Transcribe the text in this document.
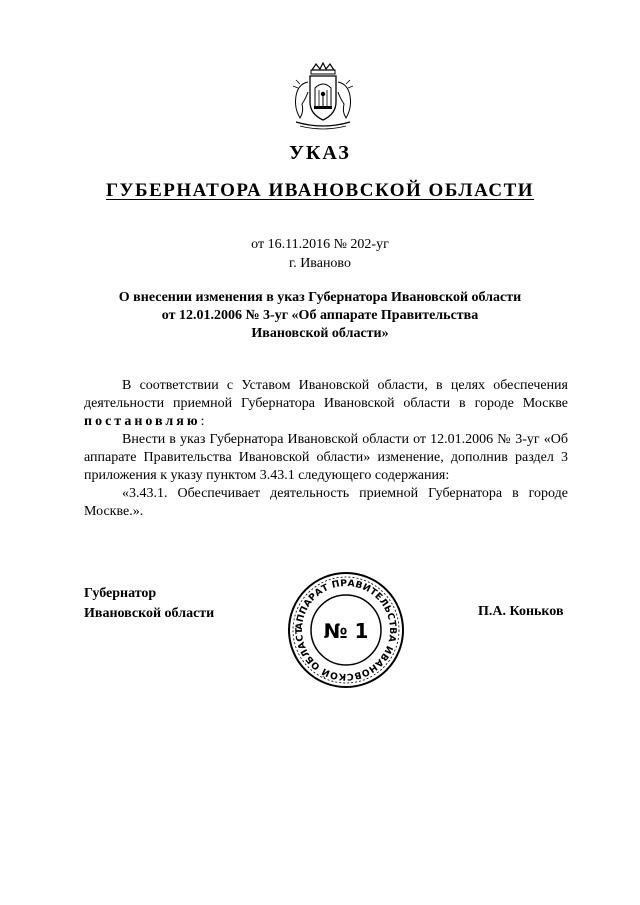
УКАЗ
ГУБЕРНАТОРА ИВАНОВСКОЙ ОБЛАСТИ
от 16.11.2016 № 202-уг
г. Иваново
О внесении изменения в указ Губернатора Ивановской области
от 12.01.2006 № 3-уг «Об аппарате Правительства
Ивановской области»

В соответствии с Уставом Ивановской области, в целях обеспечения деятельности приемной Губернатора Ивановской области в городе Москве постановляю:

Внести в указ Губернатора Ивановской области от 12.01.2006 № 3-уг «Об аппарате Правительства Ивановской области» изменение, дополнив раздел 3 приложения к указу пунктом 3.43.1 следующего содержания:

«3.43.1. Обеспечивает деятельность приемной Губернатора в городе Москве.».

Губернатор
Ивановской области
АППАРАТ ПРАВИТЕЛЬСТВА ИВАНОВСКОЙ ОБЛАСТ № 1
П.А. Коньков
